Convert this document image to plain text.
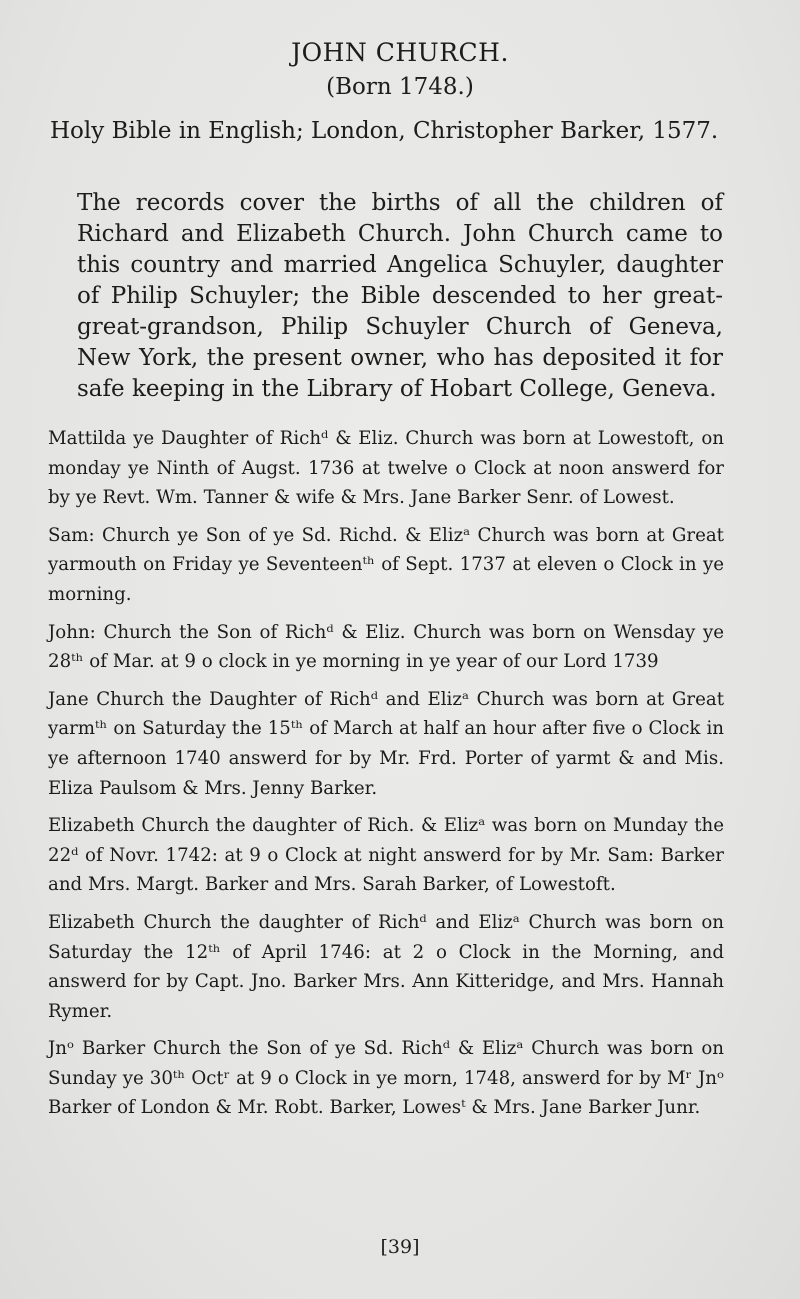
JOHN CHURCH.
(Born 1748.)

Holy Bible in English; London, Christopher Barker, 1577.

The records cover the births of all the children of Richard and Elizabeth Church. John Church came to this country and married Angelica Schuyler, daughter of Philip Schuyler; the Bible descended to her great-great-grandson, Philip Schuyler Church of Geneva, New York, the present owner, who has deposited it for safe keeping in the Library of Hobart College, Geneva.

Mattilda ye Daughter of Richᵈ & Eliz. Church was born at Lowestoft, on monday ye Ninth of Augst. 1736 at twelve o Clock at noon answerd for by ye Revt. Wm. Tanner & wife & Mrs. Jane Barker Senr. of Lowest.

Sam: Church ye Son of ye Sd. Richd. & Elizᵃ Church was born at Great yarmouth on Friday ye Seventeenᵗʰ of Sept. 1737 at eleven o Clock in ye morning.

John: Church the Son of Richᵈ & Eliz. Church was born on Wensday ye 28ᵗʰ of Mar. at 9 o clock in ye morning in ye year of our Lord 1739

Jane Church the Daughter of Richᵈ and Elizᵃ Church was born at Great yarmᵗʰ on Saturday the 15ᵗʰ of March at half an hour after five o Clock in ye afternoon 1740 answerd for by Mr. Frd. Porter of yarmt & and Mis. Eliza Paulsom & Mrs. Jenny Barker.

Elizabeth Church the daughter of Rich. & Elizᵃ was born on Munday the 22ᵈ of Novr. 1742: at 9 o Clock at night answerd for by Mr. Sam: Barker and Mrs. Margt. Barker and Mrs. Sarah Barker, of Lowestoft.

Elizabeth Church the daughter of Richᵈ and Elizᵃ Church was born on Saturday the 12ᵗʰ of April 1746: at 2 o Clock in the Morning, and answerd for by Capt. Jno. Barker Mrs. Ann Kitteridge, and Mrs. Hannah Rymer.

Jnᵒ Barker Church the Son of ye Sd. Richᵈ & Elizᵃ Church was born on Sunday ye 30ᵗʰ Octʳ at 9 o Clock in ye morn, 1748, answerd for by Mʳ Jnᵒ Barker of London & Mr. Robt. Barker, Lowesᵗ & Mrs. Jane Barker Junr.

[39]
